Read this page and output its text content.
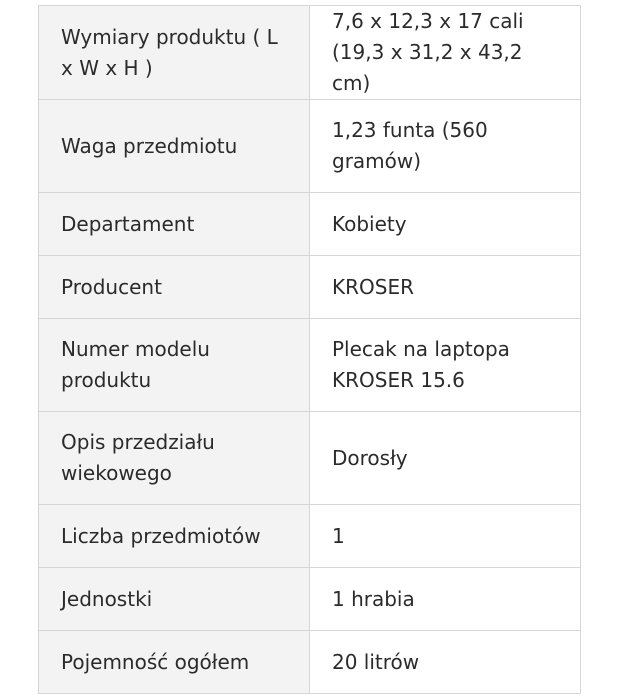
Wymiary produktu ( L x W x H )	7,6 x 12,3 x 17 cali (19,3 x 31,2 x 43,2 cm)
Waga przedmiotu	1,23 funta (560 gramów)
Departament	Kobiety
Producent	KROSER
Numer modelu produktu	Plecak na laptopa KROSER 15.6
Opis przedziału wiekowego	Dorosły
Liczba przedmiotów	1
Jednostki	1 hrabia
Pojemność ogółem	20 litrów
